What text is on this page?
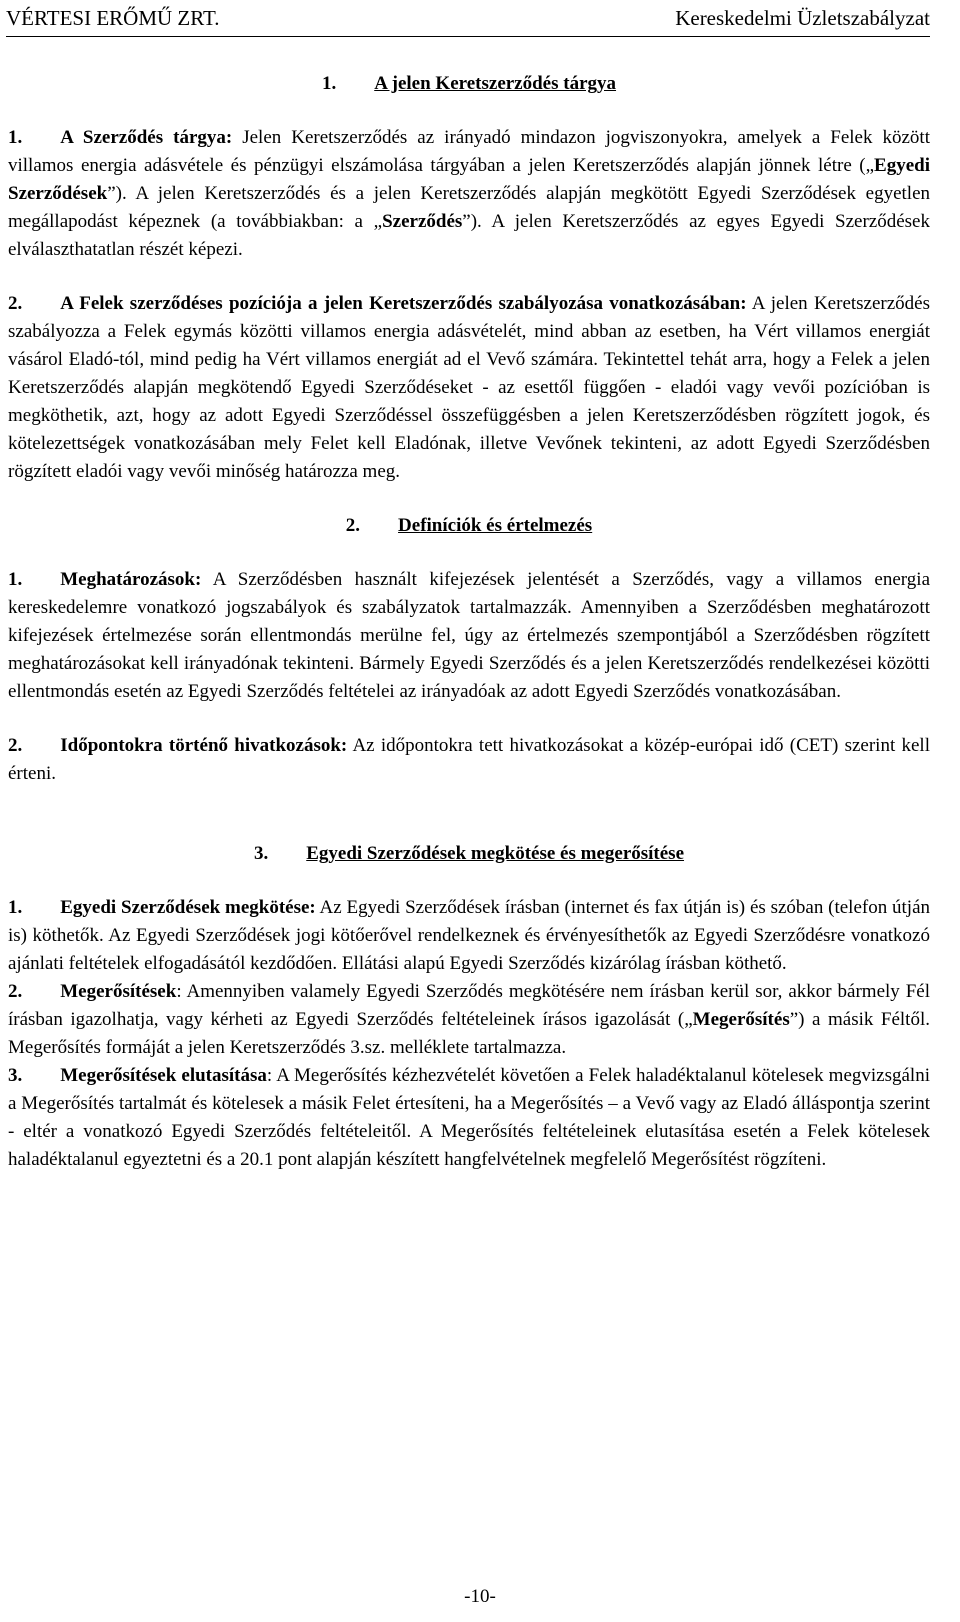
VÉRTESI ERŐMŰ ZRT.	Kereskedelmi Üzletszabályzat
1. A jelen Keretszerződés tárgya

1. A Szerződés tárgya: Jelen Keretszerződés az irányadó mindazon jogviszonyokra, amelyek a Felek között villamos energia adásvétele és pénzügyi elszámolása tárgyában a jelen Keretszerződés alapján jönnek létre („Egyedi Szerződések”). A jelen Keretszerződés és a jelen Keretszerződés alapján megkötött Egyedi Szerződések egyetlen megállapodást képeznek (a továbbiakban: a „Szerződés”). A jelen Keretszerződés az egyes Egyedi Szerződések elválaszthatatlan részét képezi.

2. A Felek szerződéses pozíciója a jelen Keretszerződés szabályozása vonatkozásában: A jelen Keretszerződés szabályozza a Felek egymás közötti villamos energia adásvételét, mind abban az esetben, ha Vért villamos energiát vásárol Eladó-tól, mind pedig ha Vért villamos energiát ad el Vevő számára. Tekintettel tehát arra, hogy a Felek a jelen Keretszerződés alapján megkötendő Egyedi Szerződéseket - az esettől függően - eladói vagy vevői pozícióban is megköthetik, azt, hogy az adott Egyedi Szerződéssel összefüggésben a jelen Keretszerződésben rögzített jogok, és kötelezettségek vonatkozásában mely Felet kell Eladónak, illetve Vevőnek tekinteni, az adott Egyedi Szerződésben rögzített eladói vagy vevői minőség határozza meg.

2. Definíciók és értelmezés

1. Meghatározások: A Szerződésben használt kifejezések jelentését a Szerződés, vagy a villamos energia kereskedelemre vonatkozó jogszabályok és szabályzatok tartalmazzák. Amennyiben a Szerződésben meghatározott kifejezések értelmezése során ellentmondás merülne fel, úgy az értelmezés szempontjából a Szerződésben rögzített meghatározásokat kell irányadónak tekinteni. Bármely Egyedi Szerződés és a jelen Keretszerződés rendelkezései közötti ellentmondás esetén az Egyedi Szerződés feltételei az irányadóak az adott Egyedi Szerződés vonatkozásában.

2. Időpontokra történő hivatkozások: Az időpontokra tett hivatkozásokat a közép-európai idő (CET) szerint kell érteni.

3. Egyedi Szerződések megkötése és megerősítése

1. Egyedi Szerződések megkötése: Az Egyedi Szerződések írásban (internet és fax útján is) és szóban (telefon útján is) köthetők. Az Egyedi Szerződések jogi kötőerővel rendelkeznek és érvényesíthetők az Egyedi Szerződésre vonatkozó ajánlati feltételek elfogadásától kezdődően. Ellátási alapú Egyedi Szerződés kizárólag írásban köthető.

2. Megerősítések: Amennyiben valamely Egyedi Szerződés megkötésére nem írásban kerül sor, akkor bármely Fél írásban igazolhatja, vagy kérheti az Egyedi Szerződés feltételeinek írásos igazolását („Megerősítés”) a másik Féltől. Megerősítés formáját a jelen Keretszerződés 3.sz. melléklete tartalmazza.

3. Megerősítések elutasítása: A Megerősítés kézhezvételét követően a Felek haladéktalanul kötelesek megvizsgálni a Megerősítés tartalmát és kötelesek a másik Felet értesíteni, ha a Megerősítés – a Vevő vagy az Eladó álláspontja szerint - eltér a vonatkozó Egyedi Szerződés feltételeitől. A Megerősítés feltételeinek elutasítása esetén a Felek kötelesek haladéktalanul egyeztetni és a 20.1 pont alapján készített hangfelvételnek megfelelő Megerősítést rögzíteni.

-10-
